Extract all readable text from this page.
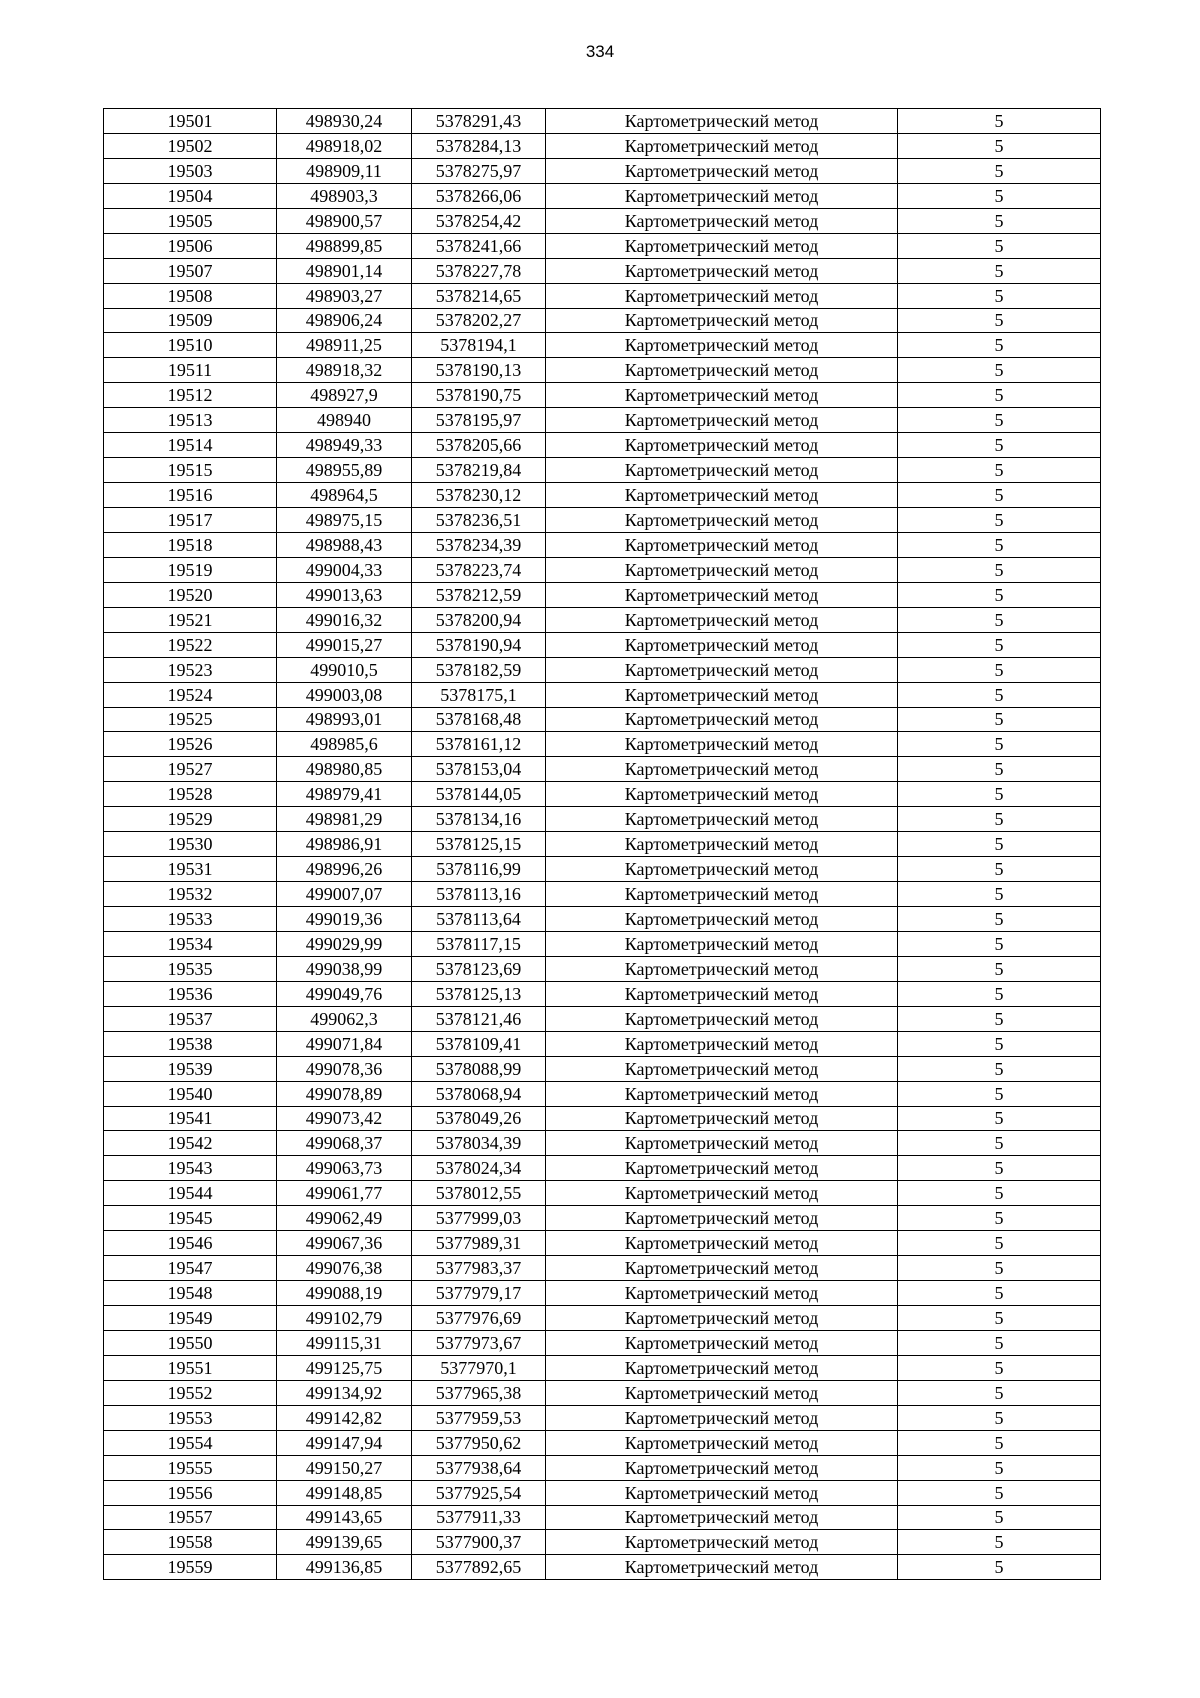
334
19501	498930,24	5378291,43	Картометрический метод	5
19502	498918,02	5378284,13	Картометрический метод	5
19503	498909,11	5378275,97	Картометрический метод	5
19504	498903,3	5378266,06	Картометрический метод	5
19505	498900,57	5378254,42	Картометрический метод	5
19506	498899,85	5378241,66	Картометрический метод	5
19507	498901,14	5378227,78	Картометрический метод	5
19508	498903,27	5378214,65	Картометрический метод	5
19509	498906,24	5378202,27	Картометрический метод	5
19510	498911,25	5378194,1	Картометрический метод	5
19511	498918,32	5378190,13	Картометрический метод	5
19512	498927,9	5378190,75	Картометрический метод	5
19513	498940	5378195,97	Картометрический метод	5
19514	498949,33	5378205,66	Картометрический метод	5
19515	498955,89	5378219,84	Картометрический метод	5
19516	498964,5	5378230,12	Картометрический метод	5
19517	498975,15	5378236,51	Картометрический метод	5
19518	498988,43	5378234,39	Картометрический метод	5
19519	499004,33	5378223,74	Картометрический метод	5
19520	499013,63	5378212,59	Картометрический метод	5
19521	499016,32	5378200,94	Картометрический метод	5
19522	499015,27	5378190,94	Картометрический метод	5
19523	499010,5	5378182,59	Картометрический метод	5
19524	499003,08	5378175,1	Картометрический метод	5
19525	498993,01	5378168,48	Картометрический метод	5
19526	498985,6	5378161,12	Картометрический метод	5
19527	498980,85	5378153,04	Картометрический метод	5
19528	498979,41	5378144,05	Картометрический метод	5
19529	498981,29	5378134,16	Картометрический метод	5
19530	498986,91	5378125,15	Картометрический метод	5
19531	498996,26	5378116,99	Картометрический метод	5
19532	499007,07	5378113,16	Картометрический метод	5
19533	499019,36	5378113,64	Картометрический метод	5
19534	499029,99	5378117,15	Картометрический метод	5
19535	499038,99	5378123,69	Картометрический метод	5
19536	499049,76	5378125,13	Картометрический метод	5
19537	499062,3	5378121,46	Картометрический метод	5
19538	499071,84	5378109,41	Картометрический метод	5
19539	499078,36	5378088,99	Картометрический метод	5
19540	499078,89	5378068,94	Картометрический метод	5
19541	499073,42	5378049,26	Картометрический метод	5
19542	499068,37	5378034,39	Картометрический метод	5
19543	499063,73	5378024,34	Картометрический метод	5
19544	499061,77	5378012,55	Картометрический метод	5
19545	499062,49	5377999,03	Картометрический метод	5
19546	499067,36	5377989,31	Картометрический метод	5
19547	499076,38	5377983,37	Картометрический метод	5
19548	499088,19	5377979,17	Картометрический метод	5
19549	499102,79	5377976,69	Картометрический метод	5
19550	499115,31	5377973,67	Картометрический метод	5
19551	499125,75	5377970,1	Картометрический метод	5
19552	499134,92	5377965,38	Картометрический метод	5
19553	499142,82	5377959,53	Картометрический метод	5
19554	499147,94	5377950,62	Картометрический метод	5
19555	499150,27	5377938,64	Картометрический метод	5
19556	499148,85	5377925,54	Картометрический метод	5
19557	499143,65	5377911,33	Картометрический метод	5
19558	499139,65	5377900,37	Картометрический метод	5
19559	499136,85	5377892,65	Картометрический метод	5
